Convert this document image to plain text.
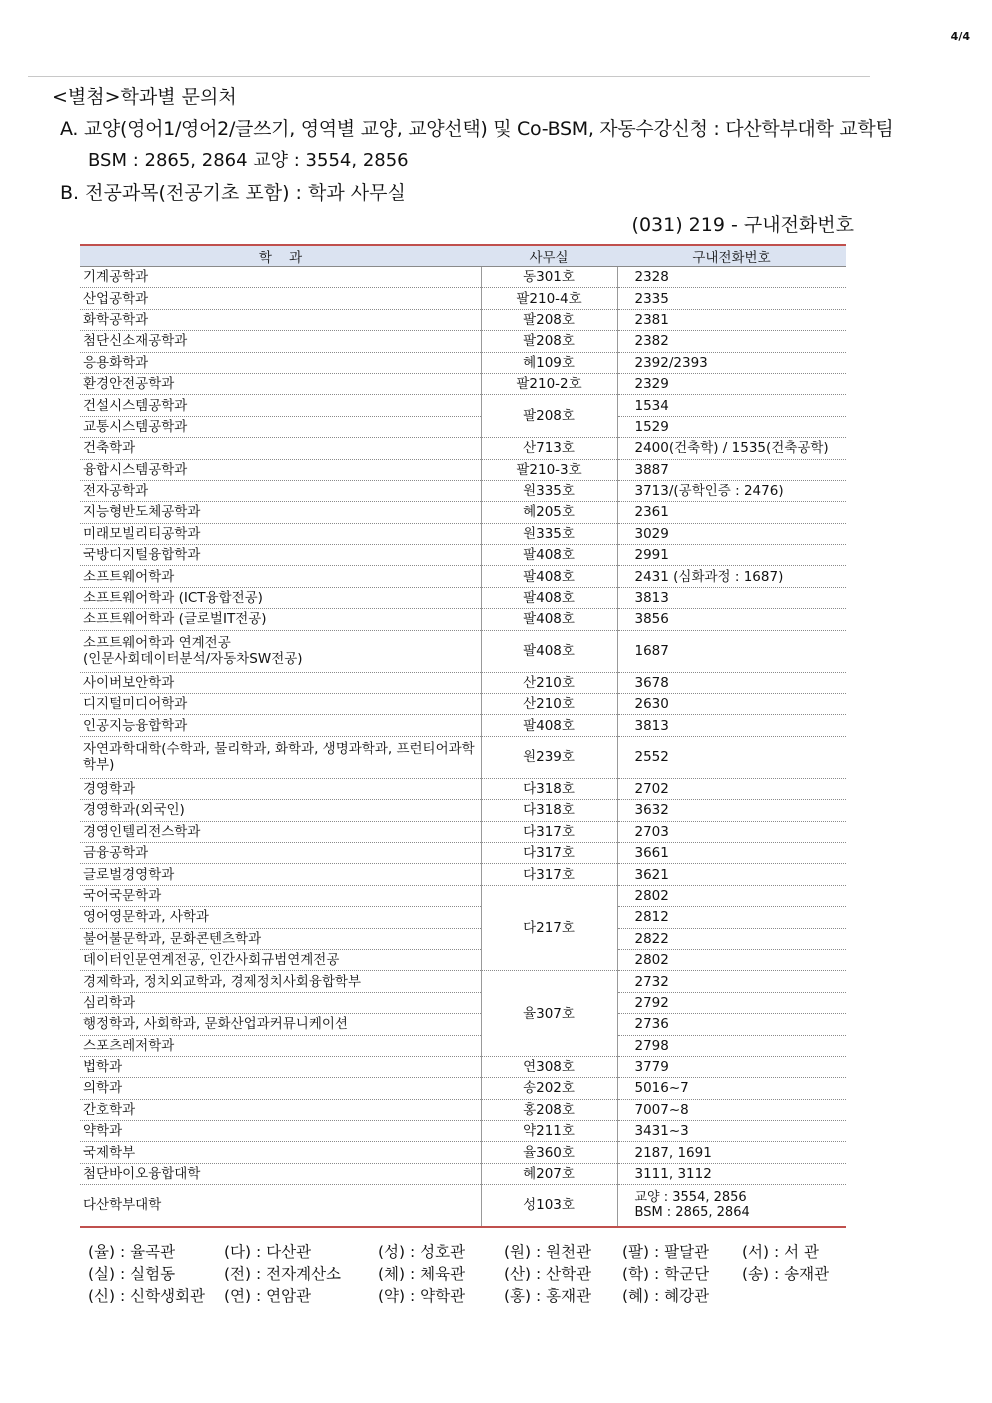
4/4
<별첨>학과별 문의처
A. 교양(영어1/영어2/글쓰기, 영역별 교양, 교양선택) 및 Co-BSM, 자동수강신청 : 다산학부대학 교학팀
BSM : 2865, 2864 교양 : 3554, 2856
B. 전공과목(전공기초 포함) : 학과 사무실
(031) 219 - 구내전화번호
학    과	사무실	구내전화번호
기계공학과	동301호	2328
산업공학과	팔210-4호	2335
화학공학과	팔208호	2381
첨단신소재공학과	팔208호	2382
응용화학과	혜109호	2392/2393
환경안전공학과	팔210-2호	2329
건설시스템공학과	팔208호	1534
교통시스템공학과		1529
건축학과	산713호	2400(건축학) / 1535(건축공학)
융합시스템공학과	팔210-3호	3887
전자공학과	원335호	3713/(공학인증 : 2476)
지능형반도체공학과	혜205호	2361
미래모빌리티공학과	원335호	3029
국방디지털융합학과	팔408호	2991
소프트웨어학과	팔408호	2431 (심화과정 : 1687)
소프트웨어학과 (ICT융합전공)	팔408호	3813
소프트웨어학과 (글로벌IT전공)	팔408호	3856
소프트웨어학과 연계전공
(인문사회데이터분석/자동차SW전공)	팔408호	1687
사이버보안학과	산210호	3678
디지털미디어학과	산210호	2630
인공지능융합학과	팔408호	3813
자연과학대학(수학과, 물리학과, 화학과, 생명과학과, 프런티어과학학부)	원239호	2552
경영학과	다318호	2702
경영학과(외국인)	다318호	3632
경영인텔리전스학과	다317호	2703
금융공학과	다317호	3661
글로벌경영학과	다317호	3621
국어국문학과	다217호	2802
영어영문학과, 사학과		2812
불어불문학과, 문화콘텐츠학과		2822
데이터인문연계전공, 인간사회규범연계전공		2802
경제학과, 정치외교학과, 경제정치사회융합학부	율307호	2732
심리학과		2792
행정학과, 사회학과, 문화산업과커뮤니케이션		2736
스포츠레저학과		2798
법학과	연308호	3779
의학과	송202호	5016~7
간호학과	홍208호	7007~8
약학과	약211호	3431~3
국제학부	율360호	2187, 1691
첨단바이오융합대학	혜207호	3111, 3112
다산학부대학	성103호	교양 : 3554, 2856
BSM : 2865, 2864
(율) : 율곡관	(다) : 다산관	(성) : 성호관	(원) : 원천관	(팔) : 팔달관	(서) : 서 관
(실) : 실험동	(전) : 전자계산소	(체) : 체육관	(산) : 산학관	(학) : 학군단	(송) : 송재관
(신) : 신학생회관	(연) : 연암관	(약) : 약학관	(홍) : 홍재관	(혜) : 혜강관
